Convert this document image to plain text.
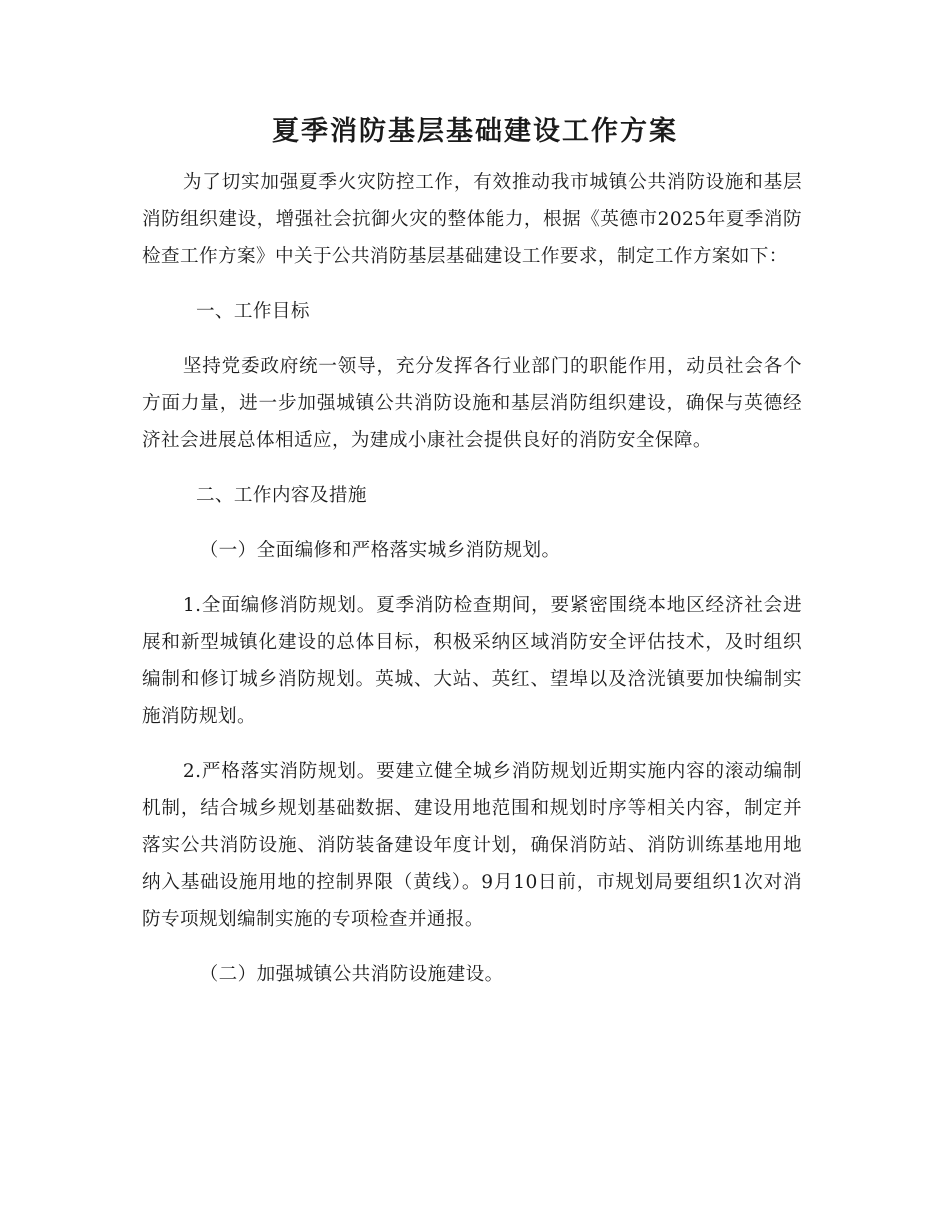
夏季消防基层基础建设工作方案

为了切实加强夏季火灾防控工作，有效推动我市城镇公共消防设施和基层消防组织建设，增强社会抗御火灾的整体能力，根据《英德市2025年夏季消防检查工作方案》中关于公共消防基层基础建设工作要求，制定工作方案如下：

一、工作目标

坚持党委政府统一领导，充分发挥各行业部门的职能作用，动员社会各个方面力量，进一步加强城镇公共消防设施和基层消防组织建设，确保与英德经济社会进展总体相适应，为建成小康社会提供良好的消防安全保障。

二、工作内容及措施

（一）全面编修和严格落实城乡消防规划。

1.全面编修消防规划。夏季消防检查期间，要紧密围绕本地区经济社会进展和新型城镇化建设的总体目标，积极采纳区域消防安全评估技术，及时组织编制和修订城乡消防规划。英城、大站、英红、望埠以及浛洸镇要加快编制实施消防规划。

2.严格落实消防规划。要建立健全城乡消防规划近期实施内容的滚动编制机制，结合城乡规划基础数据、建设用地范围和规划时序等相关内容，制定并落实公共消防设施、消防装备建设年度计划，确保消防站、消防训练基地用地纳入基础设施用地的控制界限（黄线）。9月10日前，市规划局要组织1次对消防专项规划编制实施的专项检查并通报。

（二）加强城镇公共消防设施建设。
